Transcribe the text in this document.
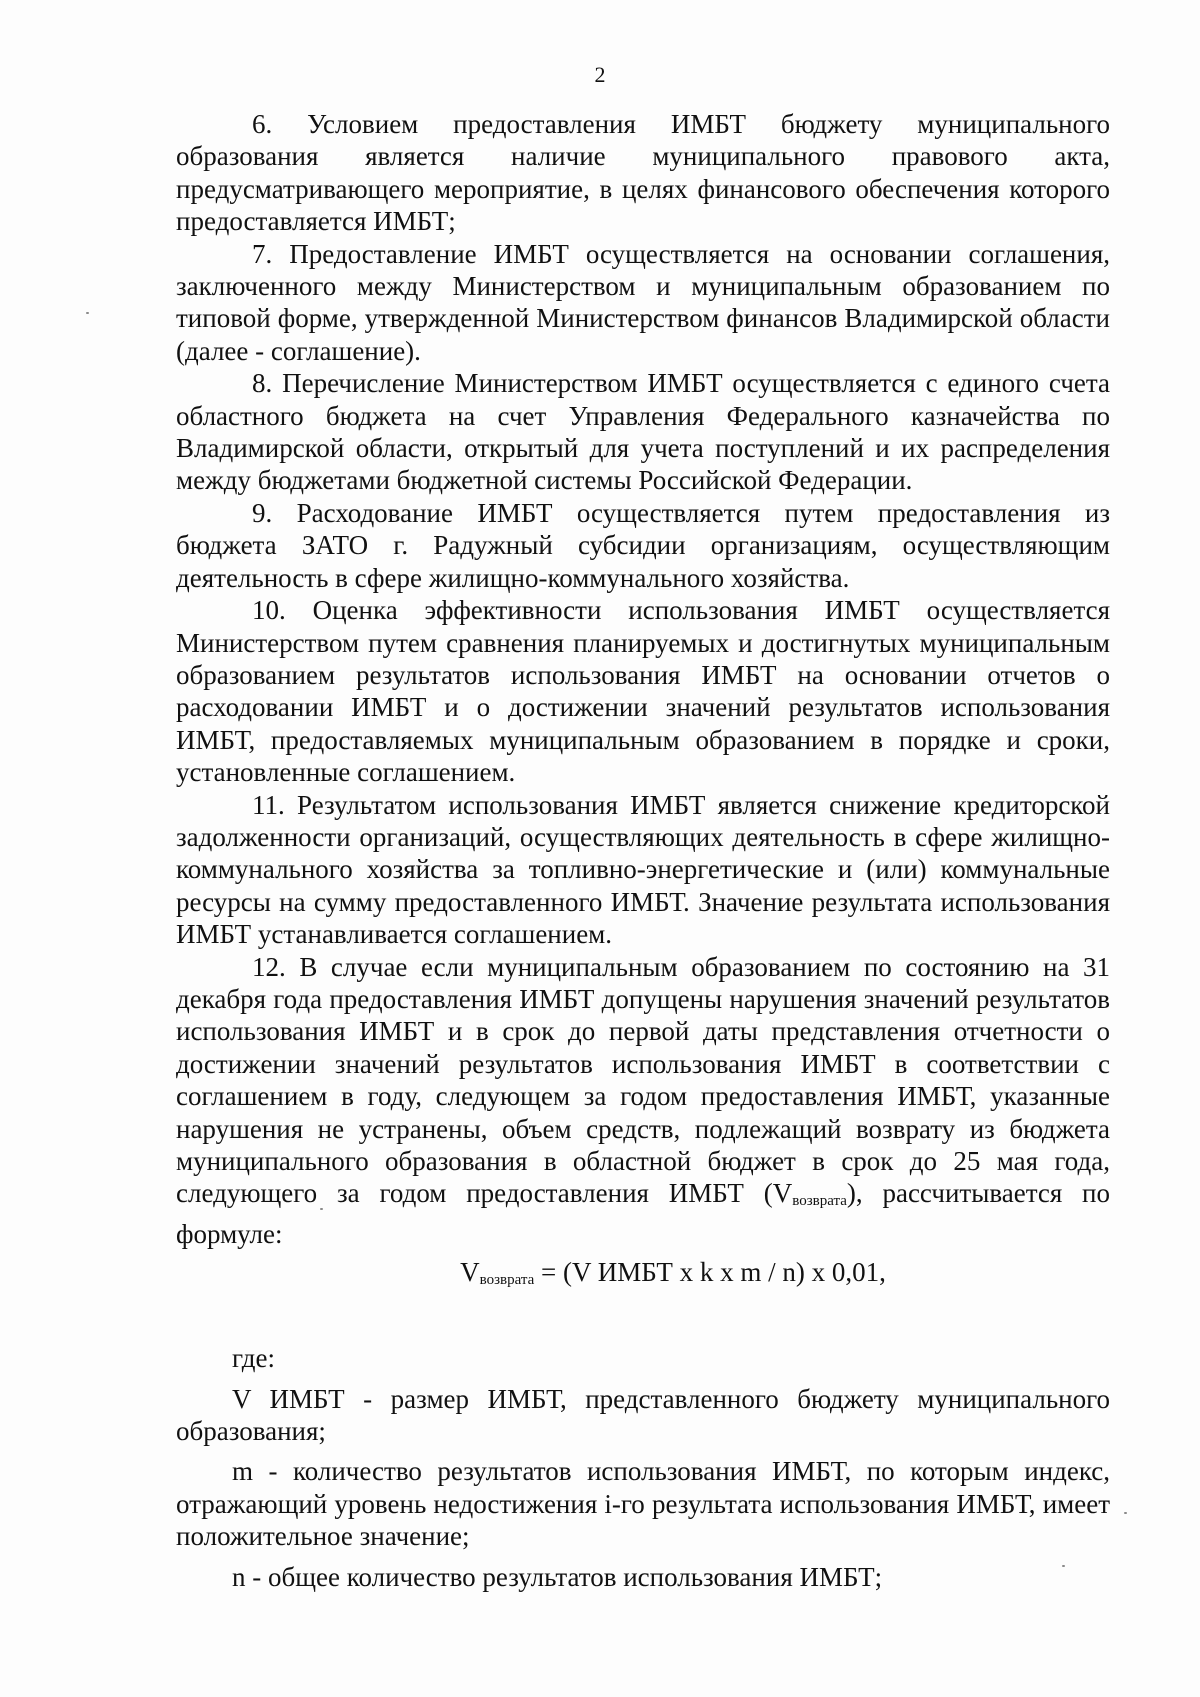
2

6. Условием предоставления ИМБТ бюджету муниципального образования является наличие муниципального правового акта, предусматривающего мероприятие, в целях финансового обеспечения которого предоставляется ИМБТ;

7. Предоставление ИМБТ осуществляется на основании соглашения, заключенного между Министерством и муниципальным образованием по типовой форме, утвержденной Министерством финансов Владимирской области (далее - соглашение).

8. Перечисление Министерством ИМБТ осуществляется с единого счета областного бюджета на счет Управления Федерального казначейства по Владимирской области, открытый для учета поступлений и их распределения между бюджетами бюджетной системы Российской Федерации.

9. Расходование ИМБТ осуществляется путем предоставления из бюджета ЗАТО г. Радужный субсидии организациям, осуществляющим деятельность в сфере жилищно-коммунального хозяйства.

10. Оценка эффективности использования ИМБТ осуществляется Министерством путем сравнения планируемых и достигнутых муниципальным образованием результатов использования ИМБТ на основании отчетов о расходовании ИМБТ и о достижении значений результатов использования ИМБТ, предоставляемых муниципальным образованием в порядке и сроки, установленные соглашением.

11. Результатом использования ИМБТ является снижение кредиторской задолженности организаций, осуществляющих деятельность в сфере жилищно-коммунального хозяйства за топливно-энергетические и (или) коммунальные ресурсы на сумму предоставленного ИМБТ. Значение результата использования ИМБТ устанавливается соглашением.

12. В случае если муниципальным образованием по состоянию на 31 декабря года предоставления ИМБТ допущены нарушения значений результатов использования ИМБТ и в срок до первой даты представления отчетности о достижении значений результатов использования ИМБТ в соответствии с соглашением в году, следующем за годом предоставления ИМБТ, указанные нарушения не устранены, объем средств, подлежащий возврату из бюджета муниципального образования в областной бюджет в срок до 25 мая года, следующего за годом предоставления ИМБТ $(V_{возврата})$, рассчитывается по формуле:

$V_{возврата} = (V$ ИМБТ x k x m / n) x 0,01,

где:

V ИМБТ - размер ИМБТ, представленного бюджету муниципального образования;

m - количество результатов использования ИМБТ, по которым индекс, отражающий уровень недостижения i-го результата использования ИМБТ, имеет положительное значение;

n - общее количество результатов использования ИМБТ;
